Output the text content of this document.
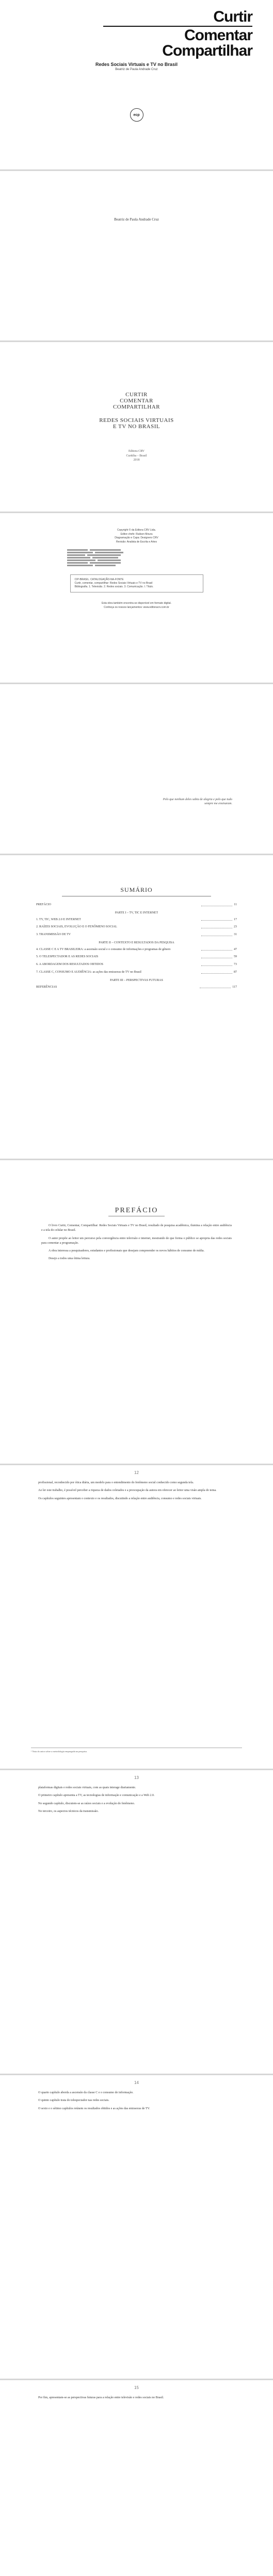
Curtir
Comentar
Compartilhar
Redes Sociais Virtuais e TV no Brasil
Beatriz de Paula Andrade Cruz
ecp
Beatriz de Paula Andrade Cruz
CURTIR
COMENTAR
COMPARTILHAR
REDES SOCIAIS VIRTUAIS
E TV NO BRASIL
Editora CRV
Curitiba – Brasil
2018
Copyright © da Editora CRV Ltda.
Editor-chefe: Railson Moura
Diagramação e Capa: Designers CRV
Revisão: Analista de Escrita e Artes
CIP-BRASIL. CATALOGAÇÃO-NA-FONTE
Curtir, comentar, compartilhar: Redes Sociais Virtuais e TV no Brasil
Bibliografia. 1. Televisão. 2. Redes sociais. 3. Comunicação. I. Título.
Esta obra também encontra-se disponível em formato digital.
Conheça os nossos lançamentos: www.editoracrv.com.br
Pelo que nenhum deles sabia de alegria e pelo que tudo sempre me ensinaram.
SUMÁRIO
PREFÁCIO	11
PARTE I – TV, TIC E INTERNET
1. TV, TIC, WEB 2.0 E INTERNET	17
2. RAÍZES SOCIAIS, EVOLUÇÃO E O FENÔMENO SOCIAL	23
3. TRANSMISSÃO DE TV	31
PARTE II – CONTEXTO E RESULTADOS DA PESQUISA
4. CLASSE C E A TV BRASILEIRA: a ascensão social e o consumo de informações e programas de gênero	47
5. O TELESPECTADOR E AS REDES SOCIAIS	59
6. A ABORDAGEM DOS RESULTADOS OBTIDOS	73
7. CLASSE C, CONSUMO E AUDIÊNCIA: as ações das emissoras de TV no Brasil	87
PARTE III – PERSPECTIVAS FUTURAS
REFERÊNCIAS	117
PREFÁCIO

O livro Curtir, Comentar, Compartilhar: Redes Sociais Virtuais e TV no Brasil, resultado de pesquisa acadêmica, ilumina a relação entre audiência e a tela do celular no Brasil.

O autor propõe ao leitor um percurso pela convergência entre televisão e internet, mostrando de que forma o público se apropria das redes sociais para comentar a programação.

A obra interessa a pesquisadores, estudantes e profissionais que desejam compreender os novos hábitos de consumo de mídia.

Desejo a todos uma ótima leitura.

12

profissional, reconhecido por ótica diária, um modelo para o entendimento do fenômeno social conhecido como segunda tela.

Ao ler este trabalho, é possível perceber a riqueza de dados coletados e a preocupação da autora em oferecer ao leitor uma visão ampla do tema.

Os capítulos seguintes apresentam o contexto e os resultados, discutindo a relação entre audiência, consumo e redes sociais virtuais.

¹ Nota do autor sobre a metodologia empregada na pesquisa.
13

plataformas digitais e redes sociais virtuais, com as quais interage diariamente.

O primeiro capítulo apresenta a TV, as tecnologias de informação e comunicação e a Web 2.0.

No segundo capítulo, discutem-se as raízes sociais e a evolução do fenômeno.

No terceiro, os aspectos técnicos da transmissão.

14

O quarto capítulo aborda a ascensão da classe C e o consumo de informação.

O quinto capítulo trata do telespectador nas redes sociais.

O sexto e o sétimo capítulos reúnem os resultados obtidos e as ações das emissoras de TV.

15

Por fim, apresentam-se as perspectivas futuras para a relação entre televisão e redes sociais no Brasil.
